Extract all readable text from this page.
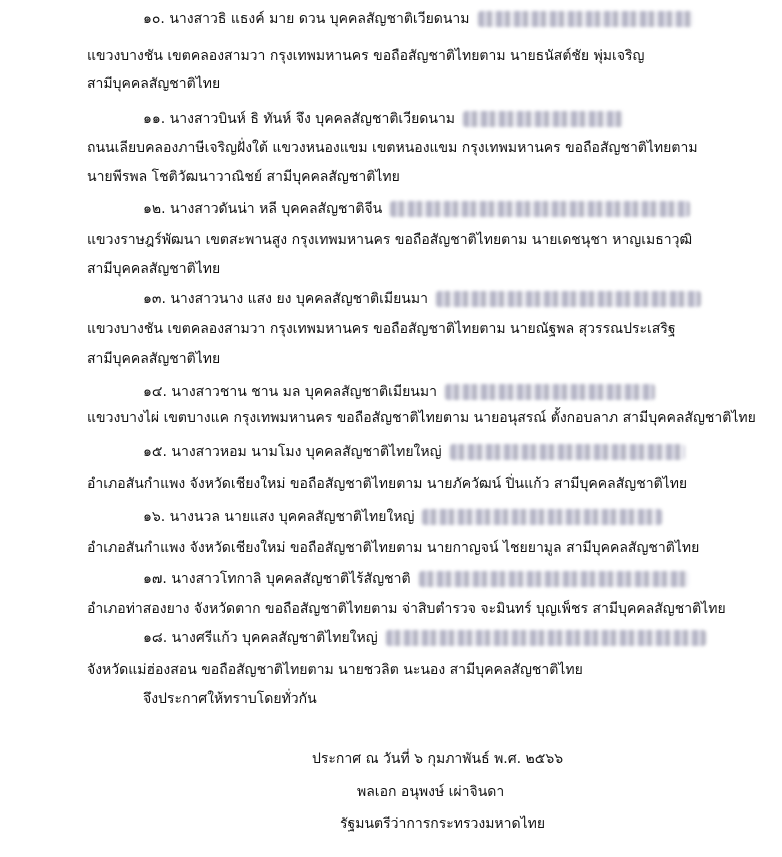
๑๐. นางสาวธิ แธงค์ มาย ดวน บุคคลสัญชาติเวียดนาม
แขวงบางชัน เขตคลองสามวา กรุงเทพมหานคร ขอถือสัญชาติไทยตาม นายธนัสต์ชัย พุ่มเจริญ
สามีบุคคลสัญชาติไทย
๑๑. นางสาวบินห์ ธิ ทันห์ จึง บุคคลสัญชาติเวียดนาม
ถนนเลียบคลองภาษีเจริญฝั่งใต้ แขวงหนองแขม เขตหนองแขม กรุงเทพมหานคร ขอถือสัญชาติไทยตาม
นายพีรพล โชติวัฒนาวาณิชย์ สามีบุคคลสัญชาติไทย
๑๒. นางสาวดันน่า หลี บุคคลสัญชาติจีน
แขวงราษฎร์พัฒนา เขตสะพานสูง กรุงเทพมหานคร ขอถือสัญชาติไทยตาม นายเดชนุชา หาญเมธาวุฒิ
สามีบุคคลสัญชาติไทย
๑๓. นางสาวนาง แสง ยง บุคคลสัญชาติเมียนมา
แขวงบางชัน เขตคลองสามวา กรุงเทพมหานคร ขอถือสัญชาติไทยตาม นายณัฐพล สุวรรณประเสริฐ
สามีบุคคลสัญชาติไทย
๑๔. นางสาวชาน ชาน มล บุคคลสัญชาติเมียนมา
แขวงบางไผ่ เขตบางแค กรุงเทพมหานคร ขอถือสัญชาติไทยตาม นายอนุสรณ์ ตั้งกอบลาภ สามีบุคคลสัญชาติไทย
๑๕. นางสาวหอม นามโมง บุคคลสัญชาติไทยใหญ่
อำเภอสันกำแพง จังหวัดเชียงใหม่ ขอถือสัญชาติไทยตาม นายภัควัฒน์ ปิ่นแก้ว สามีบุคคลสัญชาติไทย
๑๖. นางนวล นายแสง บุคคลสัญชาติไทยใหญ่
อำเภอสันกำแพง จังหวัดเชียงใหม่ ขอถือสัญชาติไทยตาม นายกาญจน์ ไชยยามูล สามีบุคคลสัญชาติไทย
๑๗. นางสาวโทกาลิ บุคคลสัญชาติไร้สัญชาติ
อำเภอท่าสองยาง จังหวัดตาก ขอถือสัญชาติไทยตาม จ่าสิบตำรวจ จะมินทร์ บุญเพ็ชร สามีบุคคลสัญชาติไทย
๑๘. นางศรีแก้ว บุคคลสัญชาติไทยใหญ่
จังหวัดแม่ฮ่องสอน ขอถือสัญชาติไทยตาม นายชวลิต นะนอง สามีบุคคลสัญชาติไทย
จึงประกาศให้ทราบโดยทั่วกัน
ประกาศ ณ วันที่ ๖ กุมภาพันธ์ พ.ศ. ๒๕๖๖
พลเอก อนุพงษ์ เผ่าจินดา
รัฐมนตรีว่าการกระทรวงมหาดไทย
